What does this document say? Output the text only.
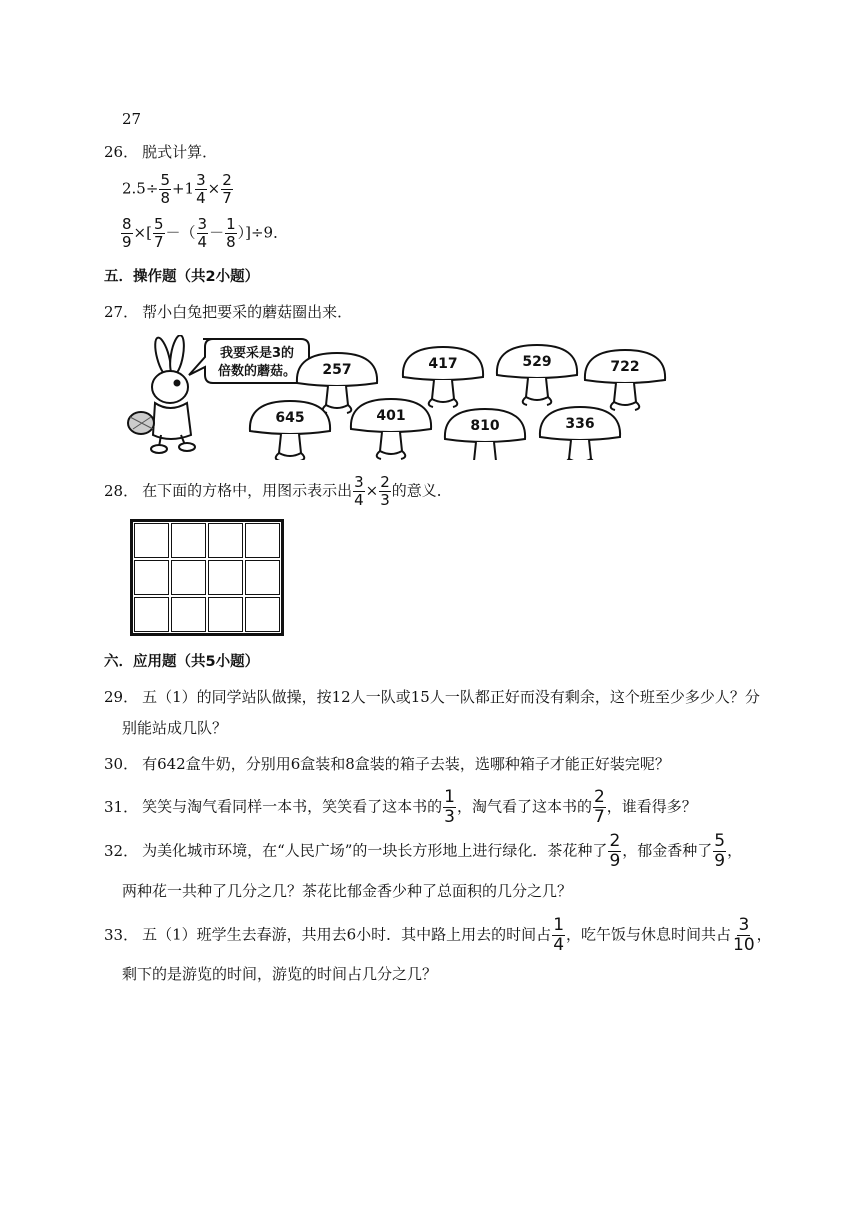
27
26． 脱式计算．
$2.5\div \frac{5}{8} +1 \frac{3}{4} \times \frac{2}{7}$
$\frac{8}{9}$ ×[ $\frac{5}{7}$ －（ $\frac{3}{4} - \frac{1}{8} )]\div 9$．
五．操作题（共2小题）
27． 帮小白兔把要采的蘑菇圈出来．
我要采是3的
倍数的蘑菇。 257	417	529	722
645	401
810	336
28． 在下面的方格中，用图示表示出 $\frac{3}{4} \times \frac{2}{3}$ 的意义．
六．应用题（共5小题）
29． 五（1）的同学站队做操，按12人一队或15人一队都正好而没有剩余，这个班至少多少人？分
别能站成几队？
30． 有642盒牛奶，分别用6盒装和8盒装的箱子去装，选哪种箱子才能正好装完呢？
31． 笑笑与淘气看同样一本书，笑笑看了这本书的 $\frac{1}{3}$ ，淘气看了这本书的 $\frac{2}{7}$ ，谁看得多？
32． 为美化城市环境，在“人民广场”的一块长方形地上进行绿化．茶花种了 $\frac{2}{9}$ ，郁金香种了 $\frac{5}{9}$ ，
两种花一共种了几分之几？茶花比郁金香少种了总面积的几分之几？
33． 五（1）班学生去春游，共用去6小时．其中路上用去的时间占 $\frac{1}{4}$ ，吃午饭与休息时间共占 $\frac{3}{10}$ ，
剩下的是游览的时间，游览的时间占几分之几？
